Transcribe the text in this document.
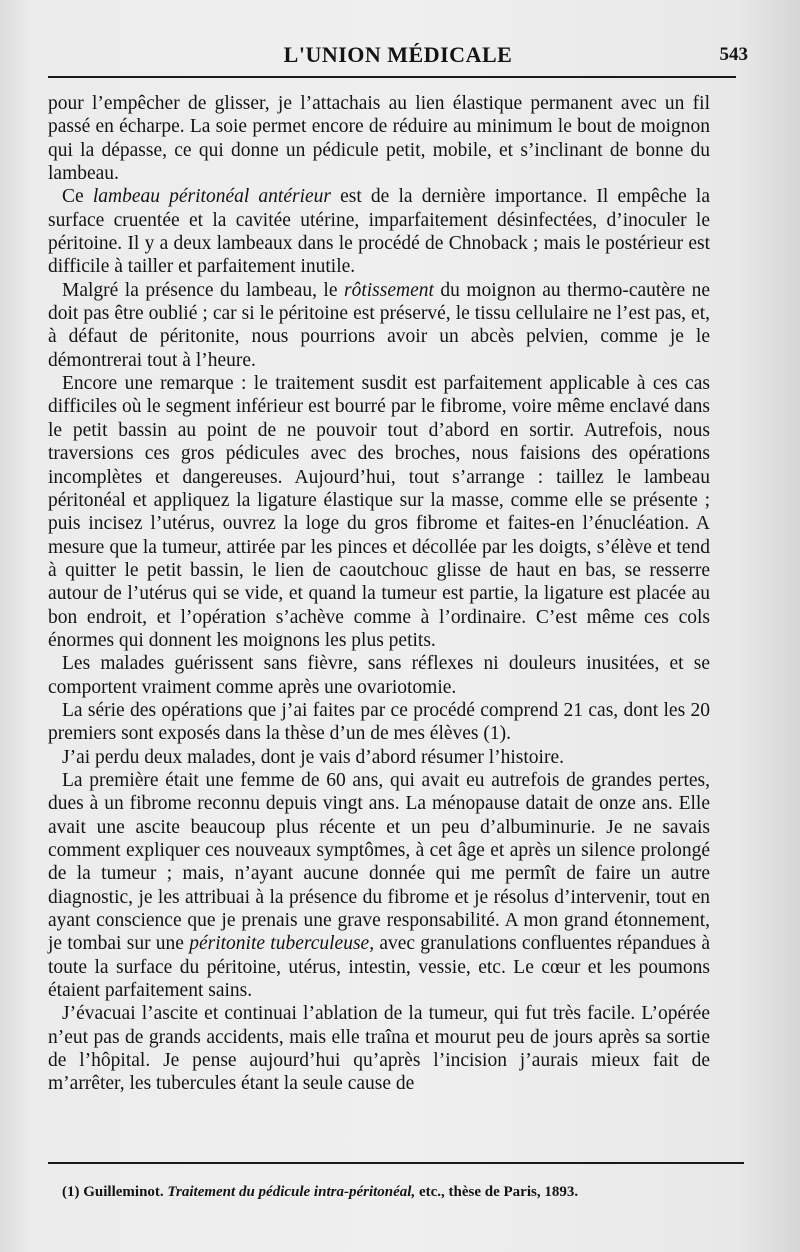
L'UNION MÉDICALE	543

pour l’empêcher de glisser, je l’attachais au lien élastique permanent avec un fil passé en écharpe. La soie permet encore de réduire au minimum le bout de moignon qui la dépasse, ce qui donne un pédicule petit, mobile, et s’inclinant de bonne du lambeau.

Ce lambeau péritonéal antérieur est de la dernière importance. Il empêche la surface cruentée et la cavitée utérine, imparfaitement désinfectées, d’inoculer le péritoine. Il y a deux lambeaux dans le procédé de Chnoback ; mais le postérieur est difficile à tailler et parfaitement inutile.

Malgré la présence du lambeau, le rôtissement du moignon au thermo-cautère ne doit pas être oublié ; car si le péritoine est préservé, le tissu cellulaire ne l’est pas, et, à défaut de péritonite, nous pourrions avoir un abcès pelvien, comme je le démontrerai tout à l’heure.

Encore une remarque : le traitement susdit est parfaitement applicable à ces cas difficiles où le segment inférieur est bourré par le fibrome, voire même enclavé dans le petit bassin au point de ne pouvoir tout d’abord en sortir. Autrefois, nous traversions ces gros pédicules avec des broches, nous faisions des opérations incomplètes et dangereuses. Aujourd’hui, tout s’arrange : taillez le lambeau péritonéal et appliquez la ligature élastique sur la masse, comme elle se présente ; puis incisez l’utérus, ouvrez la loge du gros fibrome et faites-en l’énucléation. A mesure que la tumeur, attirée par les pinces et décollée par les doigts, s’élève et tend à quitter le petit bassin, le lien de caoutchouc glisse de haut en bas, se resserre autour de l’utérus qui se vide, et quand la tumeur est partie, la ligature est placée au bon endroit, et l’opération s’achève comme à l’ordinaire. C’est même ces cols énormes qui donnent les moignons les plus petits.

Les malades guérissent sans fièvre, sans réflexes ni douleurs inusitées, et se comportent vraiment comme après une ovariotomie.

La série des opérations que j’ai faites par ce procédé comprend 21 cas, dont les 20 premiers sont exposés dans la thèse d’un de mes élèves (1).

J’ai perdu deux malades, dont je vais d’abord résumer l’histoire.

La première était une femme de 60 ans, qui avait eu autrefois de grandes pertes, dues à un fibrome reconnu depuis vingt ans. La ménopause datait de onze ans. Elle avait une ascite beaucoup plus récente et un peu d’albuminurie. Je ne savais comment expliquer ces nouveaux symptômes, à cet âge et après un silence prolongé de la tumeur ; mais, n’ayant aucune donnée qui me permît de faire un autre diagnostic, je les attribuai à la présence du fibrome et je résolus d’intervenir, tout en ayant conscience que je prenais une grave responsabilité. A mon grand étonnement, je tombai sur une péritonite tuberculeuse, avec granulations confluentes répandues à toute la surface du péritoine, utérus, intestin, vessie, etc. Le cœur et les poumons étaient parfaitement sains.

J’évacuai l’ascite et continuai l’ablation de la tumeur, qui fut très facile. L’opérée n’eut pas de grands accidents, mais elle traîna et mourut peu de jours après sa sortie de l’hôpital. Je pense aujourd’hui qu’après l’incision j’aurais mieux fait de m’arrêter, les tubercules étant la seule cause de

(1) Guilleminot. Traitement du pédicule intra-péritonéal, etc., thèse de Paris, 1893.
